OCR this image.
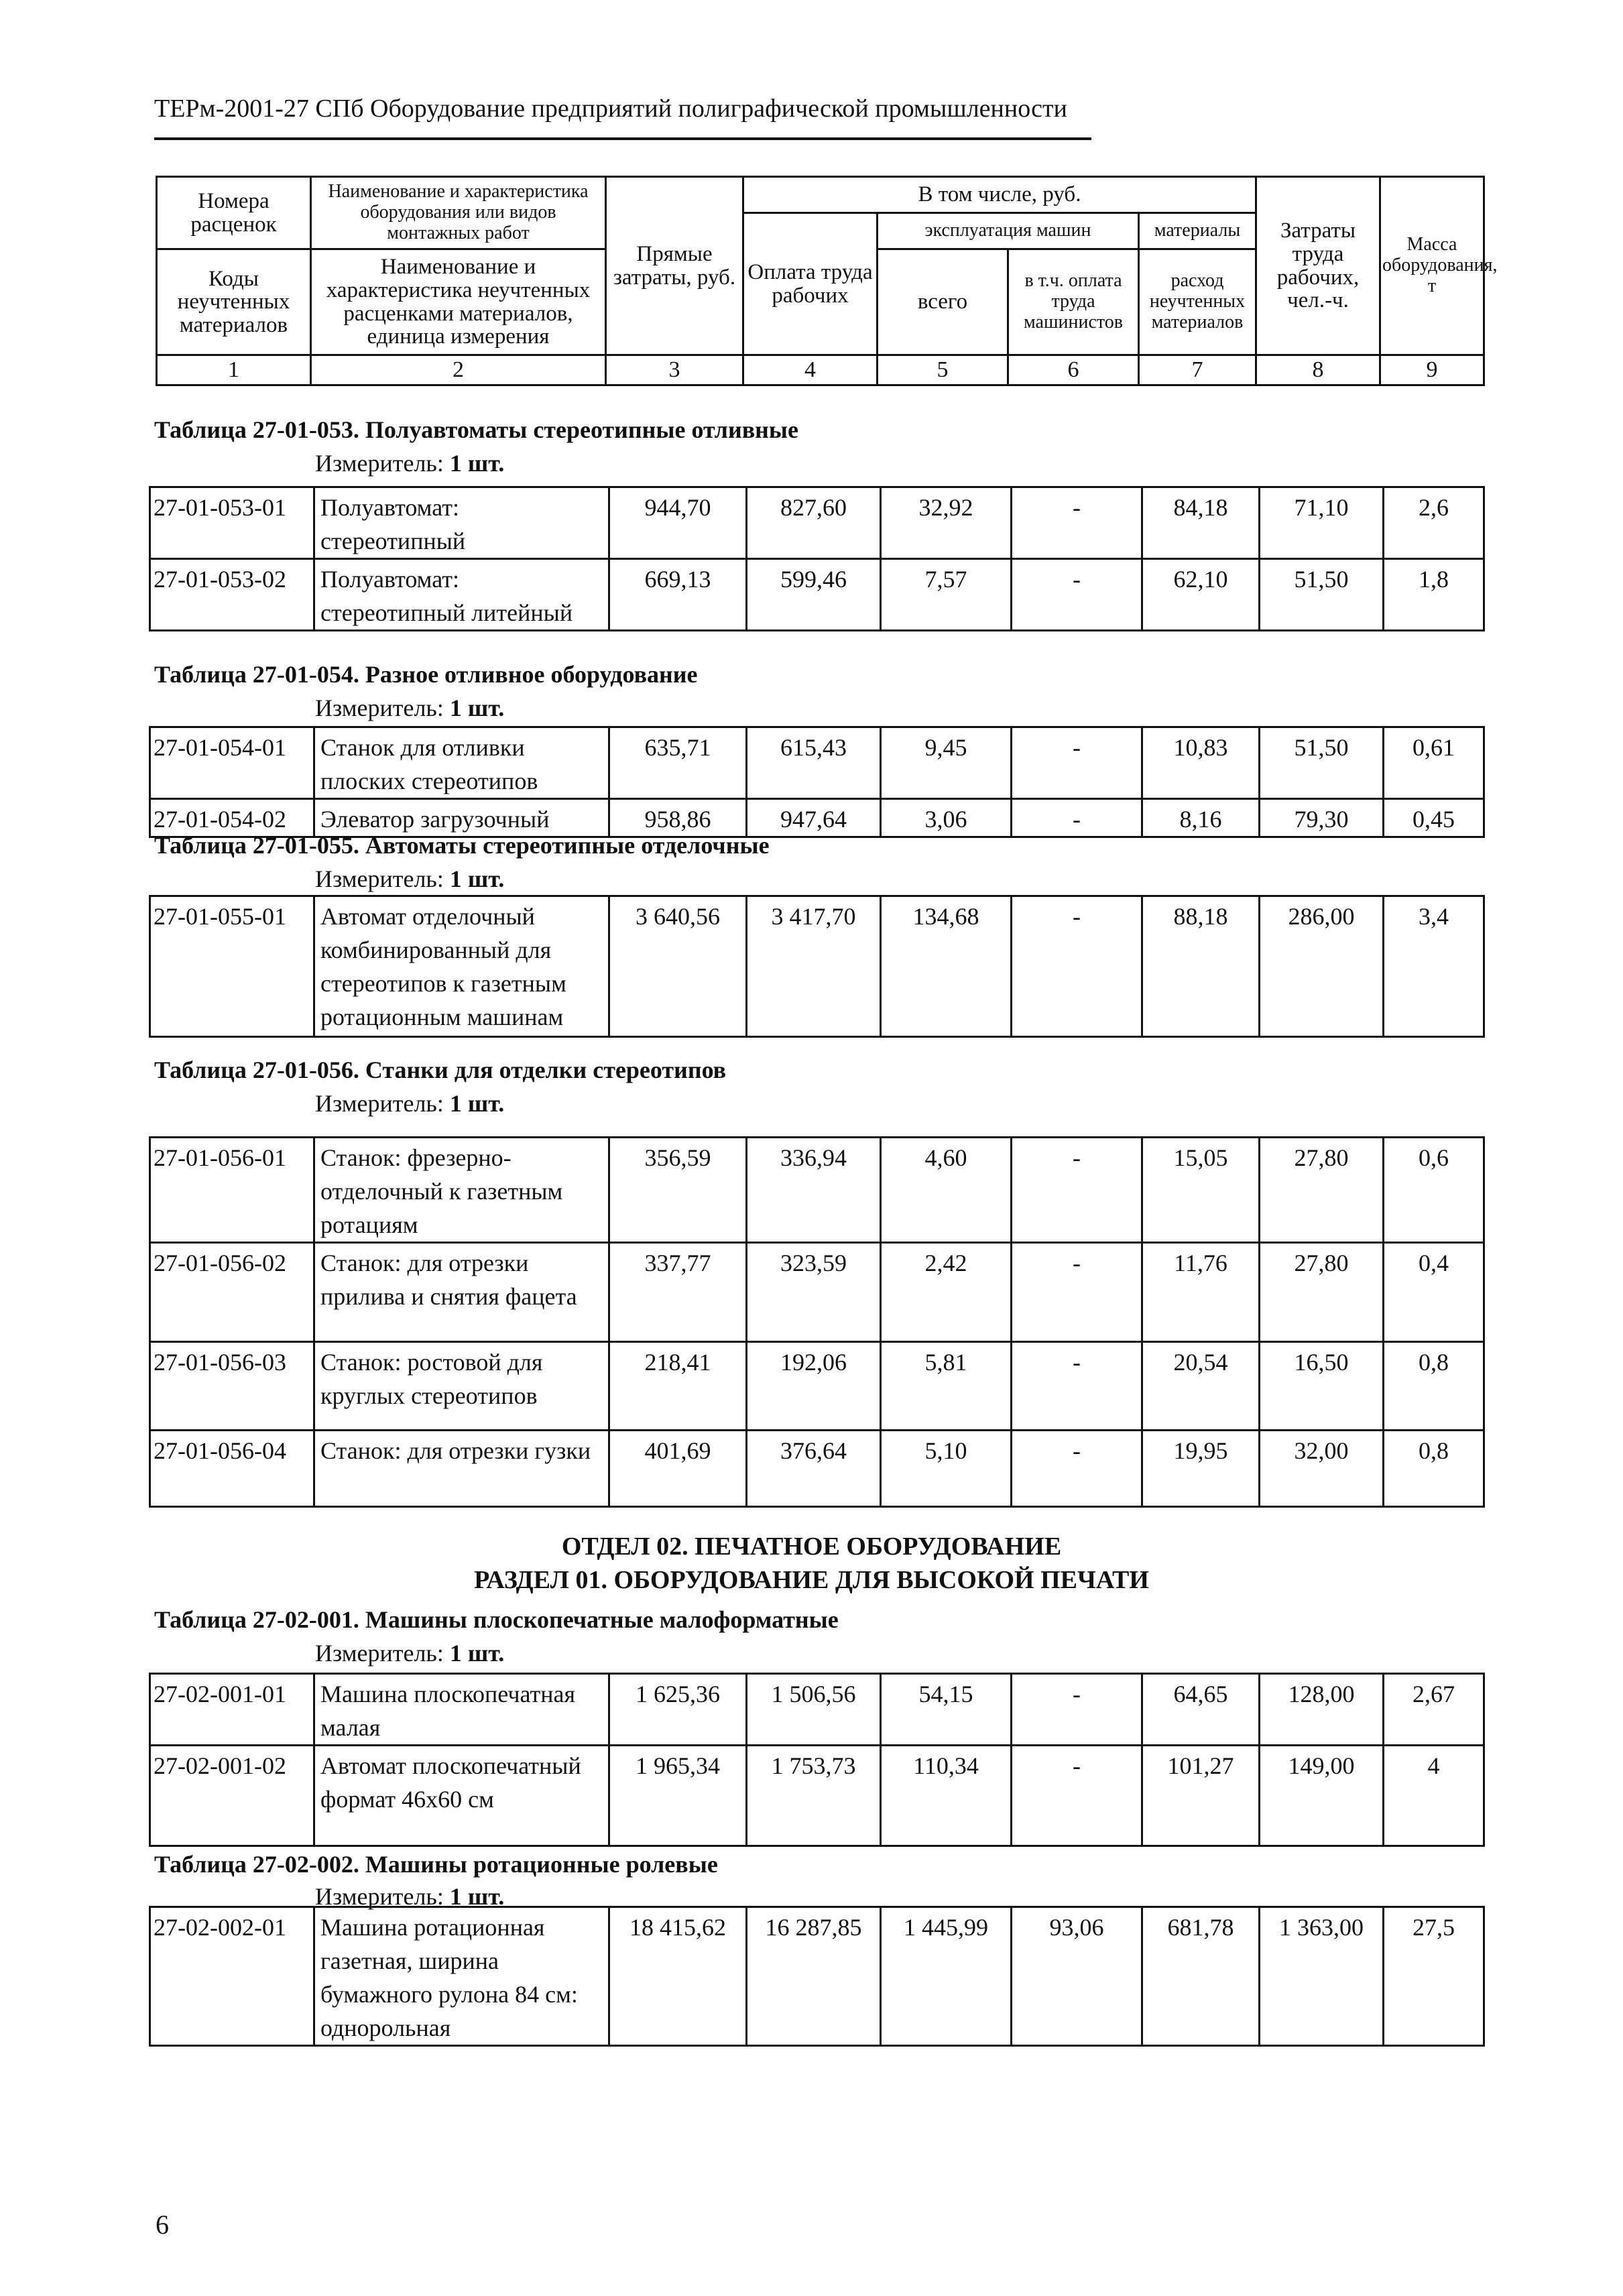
ТЕРм-2001-27 СПб Оборудование предприятий полиграфической промышленности
Номера расценок	Наименование и характеристика оборудования или видов монтажных работ	Прямые затраты, руб.	В том числе, руб.				Затраты труда рабочих, чел.-ч.	Масса оборудования, т
			Оплата труда рабочих	эксплуатация машин		материалы		
Коды неучтенных материалов	Наименование и характеристика неучтенных расценками материалов, единица измерения			всего	в т.ч. оплата труда машинистов	расход неучтенных материалов		

1	2	3	4	5	6	7	8	9
ОТДЕЛ 02. ПЕЧАТНОЕ ОБОРУДОВАНИЕ
РАЗДЕЛ 01. ОБОРУДОВАНИЕ ДЛЯ ВЫСОКОЙ ПЕЧАТИ
Таблица 27-01-053. Полуавтоматы стереотипные отливные
Измеритель: 1 шт.
27-01-053-01	Полуавтомат: стереотипный	944,70	827,60	32,92	-	84,18	71,10	2,6
27-01-053-02	Полуавтомат: стереотипный литейный	669,13	599,46	7,57	-	62,10	51,50	1,8
Таблица 27-01-054. Разное отливное оборудование
Измеритель: 1 шт.
27-01-054-01	Станок для отливки плоских стереотипов	635,71	615,43	9,45	-	10,83	51,50	0,61
27-01-054-02	Элеватор загрузочный	958,86	947,64	3,06	-	8,16	79,30	0,45
Таблица 27-01-055. Автоматы стереотипные отделочные
Измеритель: 1 шт.
27-01-055-01	Автомат отделочный комбинированный для стереотипов к газетным ротационным машинам	3 640,56	3 417,70	134,68	-	88,18	286,00	3,4
Таблица 27-01-056. Станки для отделки стереотипов
Измеритель: 1 шт.
27-01-056-01	Станок: фрезерно-отделочный к газетным ротациям	356,59	336,94	4,60	-	15,05	27,80	0,6
27-01-056-02	Станок: для отрезки прилива и снятия фацета	337,77	323,59	2,42	-	11,76	27,80	0,4
27-01-056-03	Станок: ростовой для круглых стереотипов	218,41	192,06	5,81	-	20,54	16,50	0,8
27-01-056-04	Станок: для отрезки гузки	401,69	376,64	5,10	-	19,95	32,00	0,8
Таблица 27-02-001. Машины плоскопечатные малоформатные
Измеритель: 1 шт.
27-02-001-01	Машина плоскопечатная малая	1 625,36	1 506,56	54,15	-	64,65	128,00	2,67
27-02-001-02	Автомат плоскопечатный формат 46х60 см	1 965,34	1 753,73	110,34	-	101,27	149,00	4
Таблица 27-02-002. Машины ротационные ролевые
Измеритель: 1 шт.
27-02-002-01	Машина ротационная газетная, ширина бумажного рулона 84 см: однорольная	18 415,62	16 287,85	1 445,99	93,06	681,78	1 363,00	27,5
6
